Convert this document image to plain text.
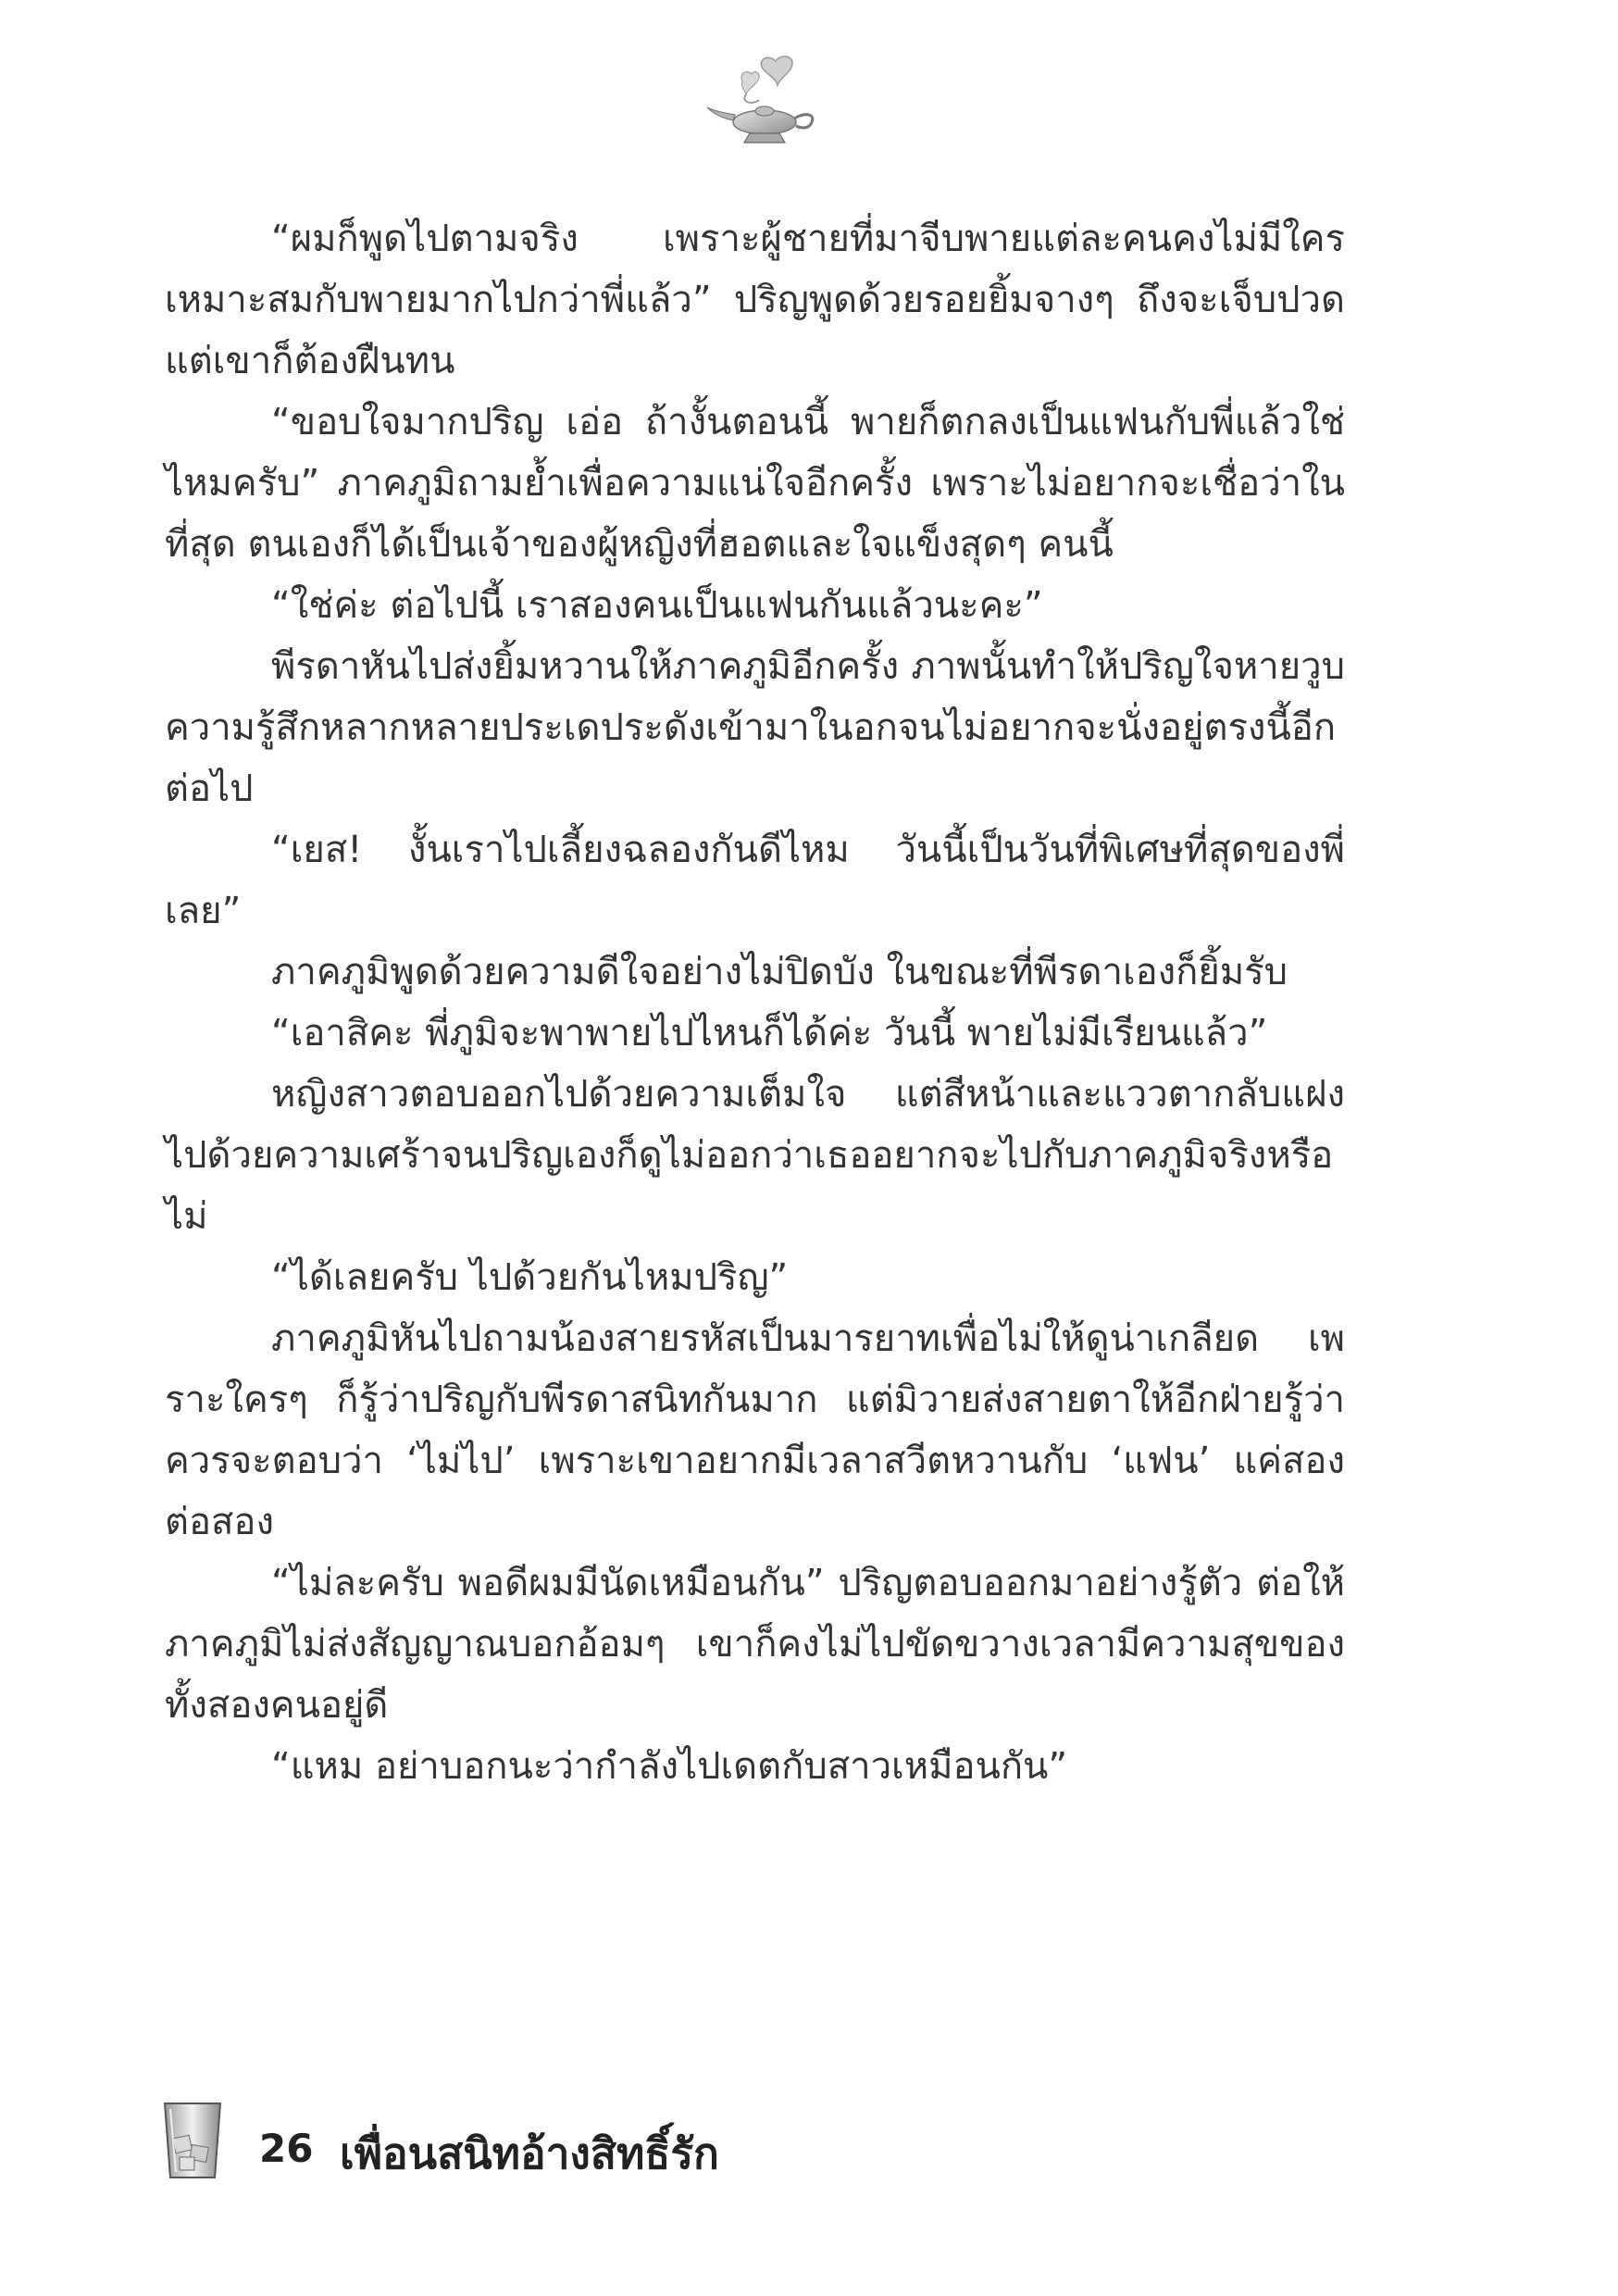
“ผมก็พูดไปตามจริง เพราะผู้ชายที่มาจีบพายแต่ละคนคงไม่มีใครเหมาะสมกับพายมากไปกว่าพี่แล้ว” ปริญพูดด้วยรอยยิ้มจางๆ ถึงจะเจ็บปวดแต่เขาก็ต้องฝืนทน

“ขอบใจมากปริญ เอ่อ ถ้างั้นตอนนี้ พายก็ตกลงเป็นแฟนกับพี่แล้วใช่ไหมครับ” ภาคภูมิถามย้ำเพื่อความแน่ใจอีกครั้ง เพราะไม่อยากจะเชื่อว่าในที่สุด ตนเองก็ได้เป็นเจ้าของผู้หญิงที่ฮอตและใจแข็งสุดๆ คนนี้

“ใช่ค่ะ ต่อไปนี้ เราสองคนเป็นแฟนกันแล้วนะคะ”

พีรดาหันไปส่งยิ้มหวานให้ภาคภูมิอีกครั้ง ภาพนั้นทำให้ปริญใจหายวูบ ความรู้สึกหลากหลายประเดประดังเข้ามาในอกจนไม่อยากจะนั่งอยู่ตรงนี้อีกต่อไป

“เยส! งั้นเราไปเลี้ยงฉลองกันดีไหม วันนี้เป็นวันที่พิเศษที่สุดของพี่เลย”

ภาคภูมิพูดด้วยความดีใจอย่างไม่ปิดบัง ในขณะที่พีรดาเองก็ยิ้มรับ

“เอาสิคะ พี่ภูมิจะพาพายไปไหนก็ได้ค่ะ วันนี้ พายไม่มีเรียนแล้ว”

หญิงสาวตอบออกไปด้วยความเต็มใจ แต่สีหน้าและแววตากลับแฝงไปด้วยความเศร้าจนปริญเองก็ดูไม่ออกว่าเธออยากจะไปกับภาคภูมิจริงหรือไม่

“ได้เลยครับ ไปด้วยกันไหมปริญ”

ภาคภูมิหันไปถามน้องสายรหัสเป็นมารยาทเพื่อไม่ให้ดูน่าเกลียด เพราะใครๆ ก็รู้ว่าปริญกับพีรดาสนิทกันมาก แต่มิวายส่งสายตาให้อีกฝ่ายรู้ว่าควรจะตอบว่า ‘ไม่ไป’ เพราะเขาอยากมีเวลาสวีตหวานกับ ‘แฟน’ แค่สองต่อสอง

“ไม่ละครับ พอดีผมมีนัดเหมือนกัน” ปริญตอบออกมาอย่างรู้ตัว ต่อให้ภาคภูมิไม่ส่งสัญญาณบอกอ้อมๆ เขาก็คงไม่ไปขัดขวางเวลามีความสุขของทั้งสองคนอยู่ดี

“แหม อย่าบอกนะว่ากำลังไปเดตกับสาวเหมือนกัน”

26 เพื่อนสนิทอ้างสิทธิ์รัก
